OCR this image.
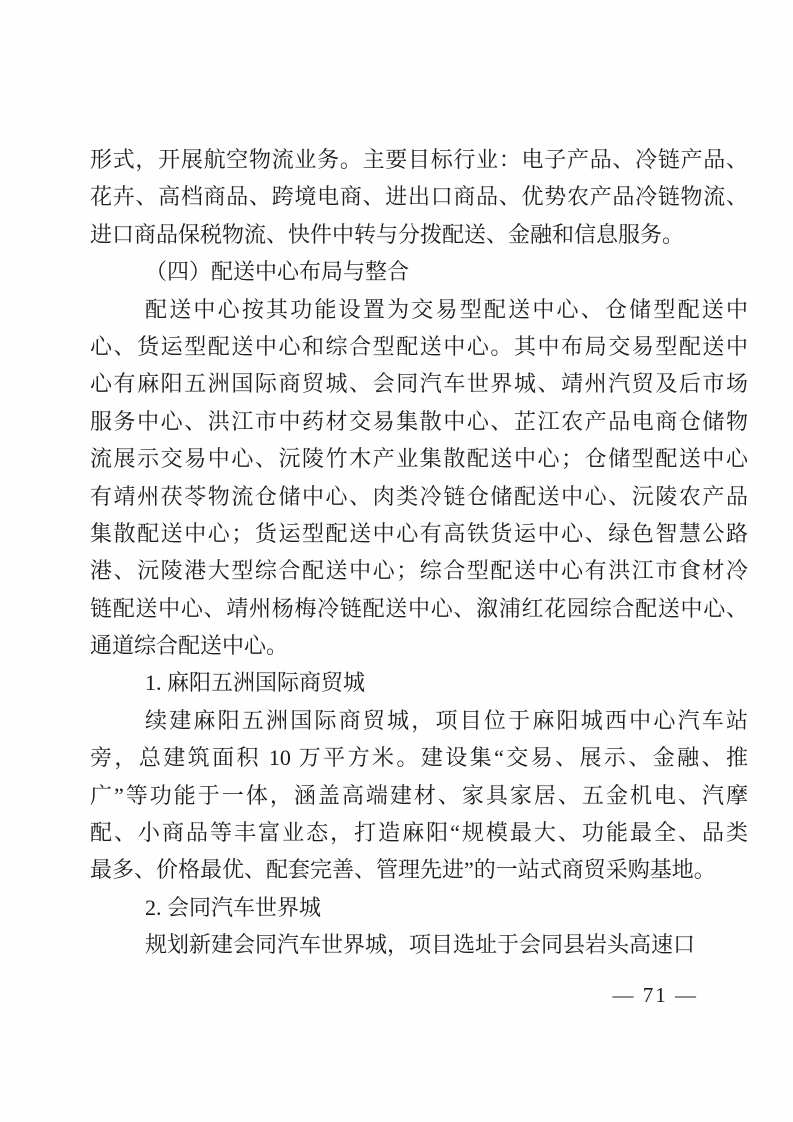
形式，开展航空物流业务。主要目标行业：电子产品、冷链产品、
花卉、高档商品、跨境电商、进出口商品、优势农产品冷链物流、
进口商品保税物流、快件中转与分拨配送、金融和信息服务。
（四）配送中心布局与整合
配送中心按其功能设置为交易型配送中心、仓储型配送中
心、货运型配送中心和综合型配送中心。其中布局交易型配送中
心有麻阳五洲国际商贸城、会同汽车世界城、靖州汽贸及后市场
服务中心、洪江市中药材交易集散中心、芷江农产品电商仓储物
流展示交易中心、沅陵竹木产业集散配送中心；仓储型配送中心
有靖州茯苓物流仓储中心、肉类冷链仓储配送中心、沅陵农产品
集散配送中心；货运型配送中心有高铁货运中心、绿色智慧公路
港、沅陵港大型综合配送中心；综合型配送中心有洪江市食材冷
链配送中心、靖州杨梅冷链配送中心、溆浦红花园综合配送中心、
通道综合配送中心。
1. 麻阳五洲国际商贸城
续建麻阳五洲国际商贸城，项目位于麻阳城西中心汽车站
旁，总建筑面积 10 万平方米。建设集“交易、展示、金融、推
广”等功能于一体，涵盖高端建材、家具家居、五金机电、汽摩
配、小商品等丰富业态，打造麻阳“规模最大、功能最全、品类
最多、价格最优、配套完善、管理先进”的一站式商贸采购基地。
2. 会同汽车世界城
规划新建会同汽车世界城，项目选址于会同县岩头高速口
— 71 —
